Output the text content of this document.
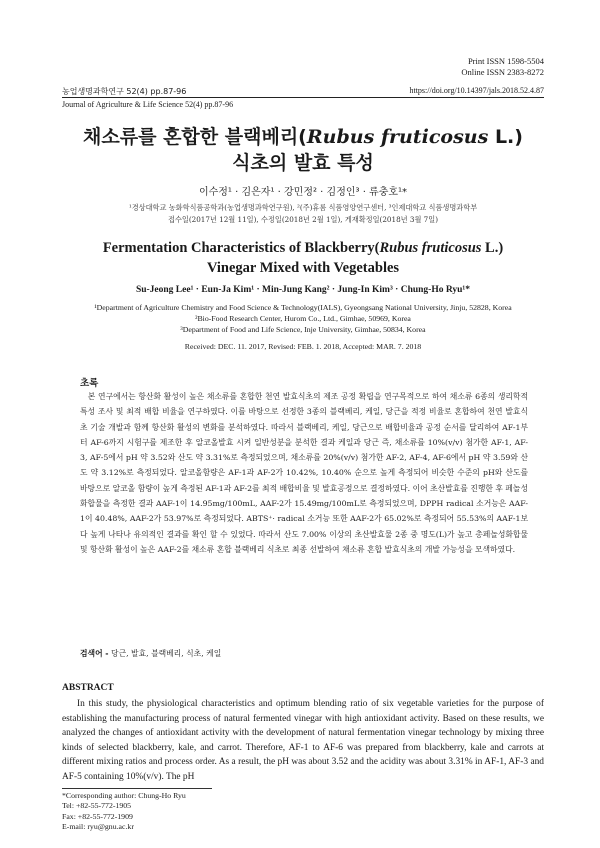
Print ISSN 1598-5504
Online ISSN 2383-8272
농업생명과학연구 52(4) pp.87-96	https://doi.org/10.14397/jals.2018.52.4.87
Journal of Agriculture & Life Science 52(4) pp.87-96
채소류를 혼합한 블랙베리(Rubus fruticosus L.)
식초의 발효 특성
이수정¹ · 김은자¹ · 강민정² · 김정인³ · 류충호¹*
¹경상대학교 농화학식품공학과(농업생명과학연구원), ²(주)휴롬 식품영양연구센터, ³인제대학교 식품생명과학부
접수일(2017년 12월 11일), 수정일(2018년 2월 1일), 게재확정일(2018년 3월 7일)
Fermentation Characteristics of Blackberry(Rubus fruticosus L.)
Vinegar Mixed with Vegetables
Su-Jeong Lee¹ · Eun-Ja Kim¹ · Min-Jung Kang² · Jung-In Kim³ · Chung-Ho Ryu¹*
¹Department of Agriculture Chemistry and Food Science & Technology(IALS), Gyeongsang National University, Jinju, 52828, Korea
²Bio-Food Research Center, Hurom Co., Ltd., Gimhae, 50969, Korea
³Department of Food and Life Science, Inje University, Gimhae, 50834, Korea
Received: DEC. 11. 2017, Revised: FEB. 1. 2018, Accepted: MAR. 7. 2018
초록
본 연구에서는 항산화 활성이 높은 채소류를 혼합한 천연 발효식초의 제조 공정 확립을 연구목적으로 하여 채소류 6종의 생리학적 특성 조사 및 최적 배합 비율을 연구하였다. 이를 바탕으로 선정한 3종의 블랙베리, 케일, 당근을 적정 비율로 혼합하여 천연 발효식초 기술 개발과 함께 항산화 활성의 변화를 분석하였다. 따라서 블랙베리, 케일, 당근으로 배합비율과 공정 순서를 달리하여 AF-1부터 AF-6까지 시험구를 제조한 후 알코올발효 시켜 일반성분을 분석한 결과 케일과 당근 즉, 채소류를 10%(v/v) 첨가한 AF-1, AF-3, AF-5에서 pH 약 3.52와 산도 약 3.31%로 측정되었으며, 채소류를 20%(v/v) 첨가한 AF-2, AF-4, AF-6에서 pH 약 3.59와 산도 약 3.12%로 측정되었다. 알코올함량은 AF-1과 AF-2가 10.42%, 10.40% 순으로 높게 측정되어 비슷한 수준의 pH와 산도를 바탕으로 알코올 함량이 높게 측정된 AF-1과 AF-2를 최적 배합비율 및 발효공정으로 결정하였다. 이어 초산발효를 진행한 후 페놀성화합물을 측정한 결과 AAF-1이 14.95mg/100mL, AAF-2가 15.49mg/100mL로 측정되었으며, DPPH radical 소거능은 AAF-1이 40.48%, AAF-2가 53.97%로 측정되었다. ABTS⁺· radical 소거능 또한 AAF-2가 65.02%로 측정되어 55.53%의 AAF-1보다 높게 나타나 유의적인 결과를 확인 할 수 있었다. 따라서 산도 7.00% 이상의 초산발효물 2종 중 명도(L)가 높고 총페놀성화합물 및 항산화 활성이 높은 AAF-2를 채소류 혼합 블랙베리 식초로 최종 선발하여 채소류 혼합 발효식초의 개발 가능성을 모색하였다.
검색어 - 당근, 발효, 블랙베리, 식초, 케일
ABSTRACT
In this study, the physiological characteristics and optimum blending ratio of six vegetable varieties for the purpose of establishing the manufacturing process of natural fermented vinegar with high antioxidant activity. Based on these results, we analyzed the changes of antioxidant activity with the development of natural fermentation vinegar technology by mixing three kinds of selected blackberry, kale, and carrot. Therefore, AF-1 to AF-6 was prepared from blackberry, kale and carrots at different mixing ratios and process order. As a result, the pH was about 3.52 and the acidity was about 3.31% in AF-1, AF-3 and AF-5 containing 10%(v/v). The pH
*Corresponding author: Chung-Ho Ryu
Tel: +82-55-772-1905
Fax: +82-55-772-1909
E-mail: ryu@gnu.ac.kr
